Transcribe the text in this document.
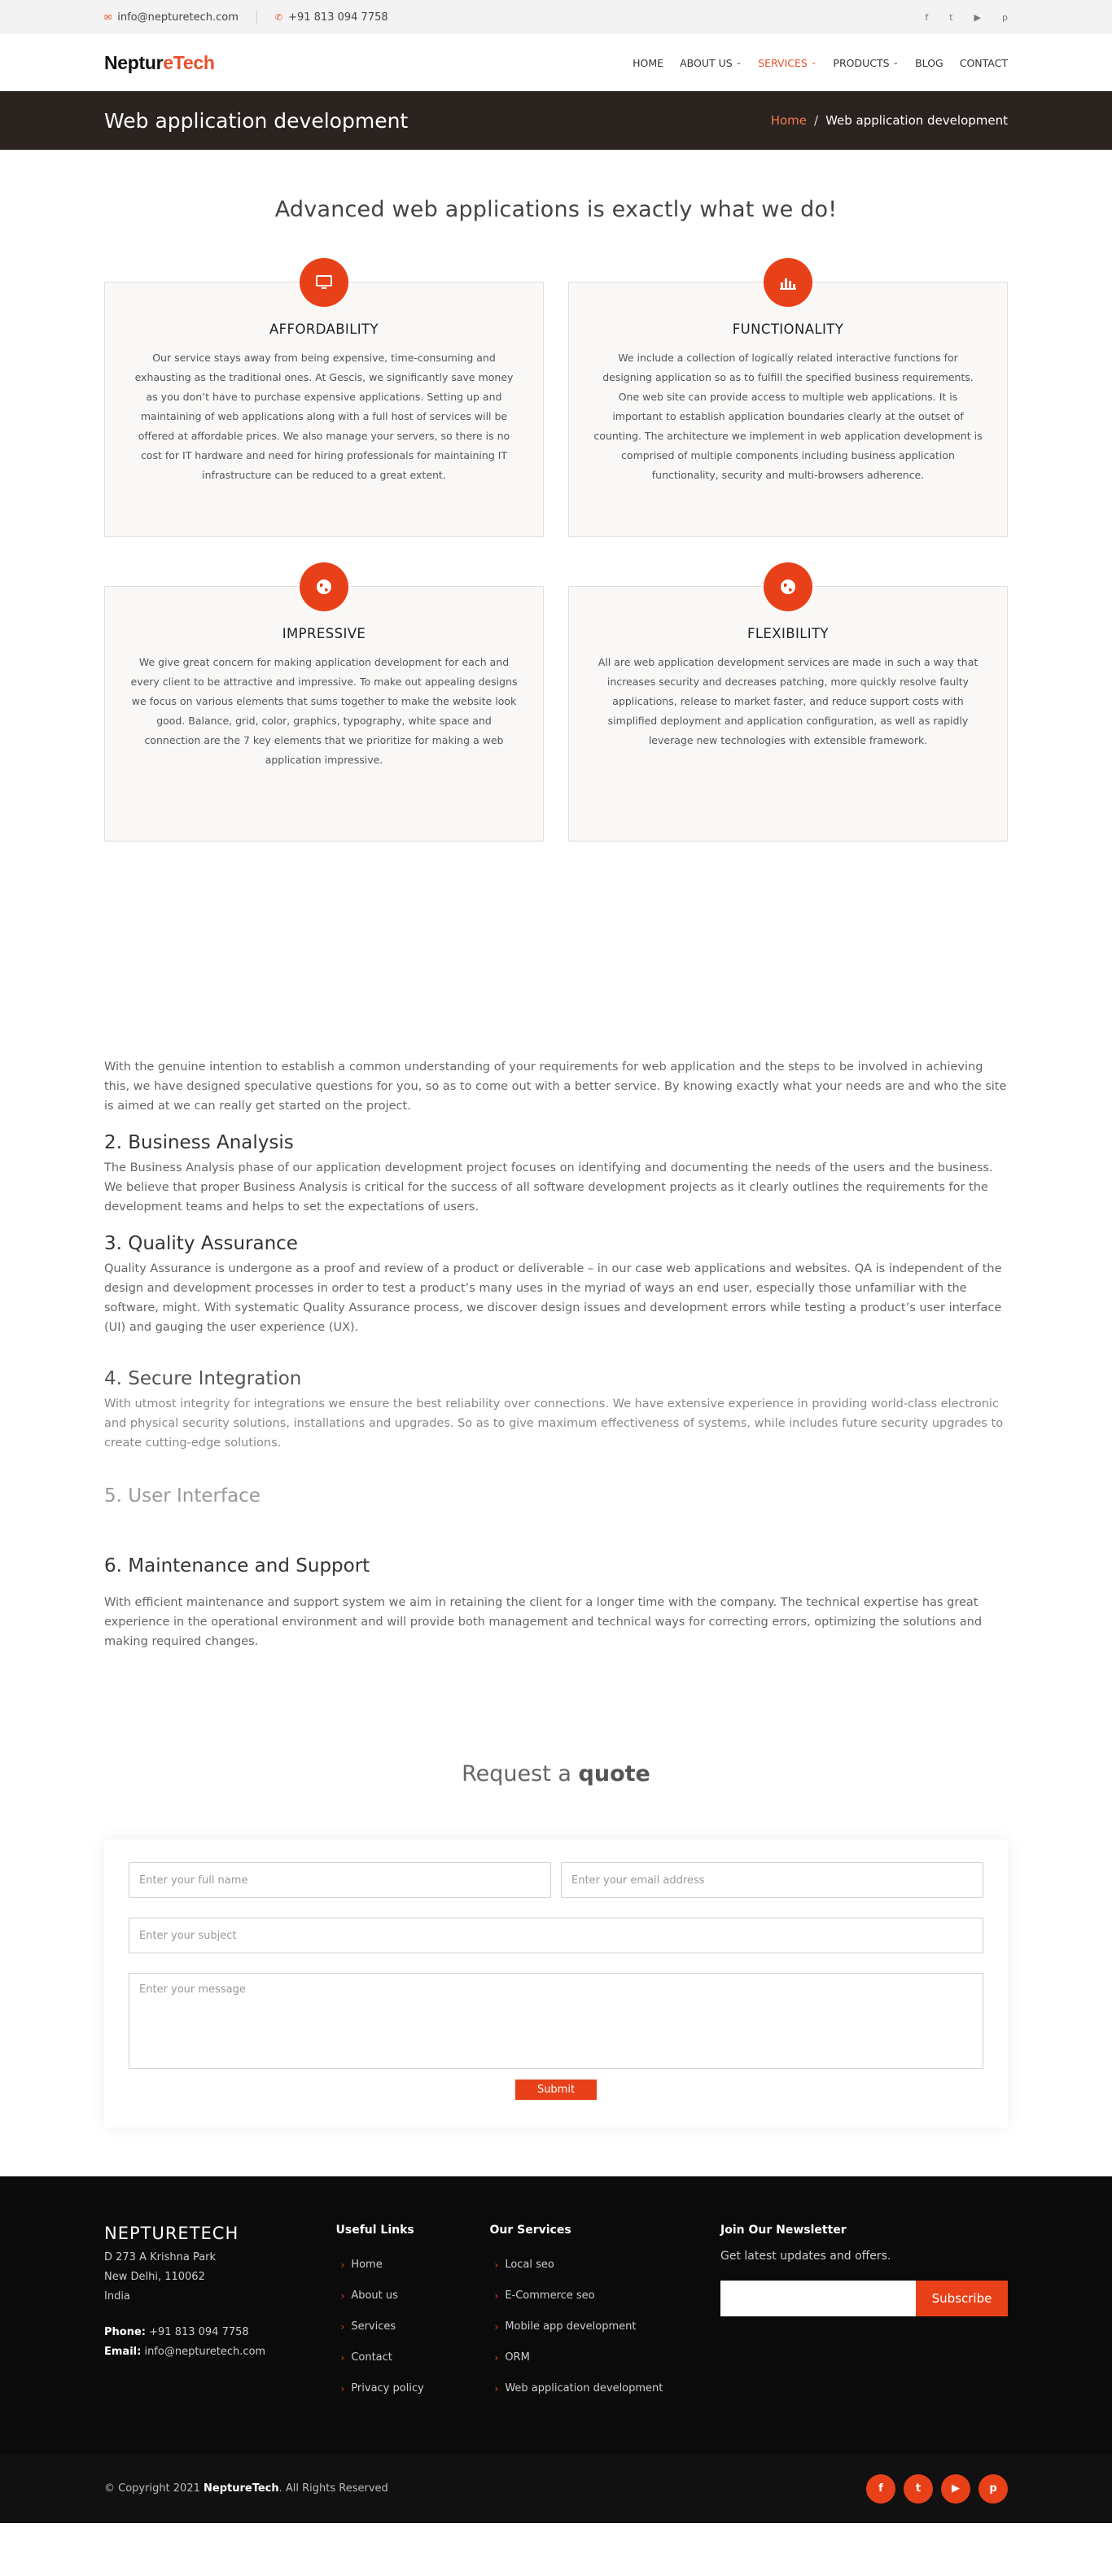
✉ info@nepturetech.com	✆ +91 813 094 7758	f t ▶ p
NeptureTech	HOME ABOUT US ⌄ SERVICES ⌄ PRODUCTS ⌄ BLOG CONTACT
Web application development	Home / Web application development
Advanced web applications is exactly what we do!
AFFORDABILITY

Our service stays away from being expensive, time-consuming and exhausting as the traditional ones. At Gescis, we significantly save money as you don’t have to purchase expensive applications. Setting up and maintaining of web applications along with a full host of services will be offered at affordable prices. We also manage your servers, so there is no cost for IT hardware and need for hiring professionals for maintaining IT infrastructure can be reduced to a great extent.

FUNCTIONALITY

We include a collection of logically related interactive functions for designing application so as to fulfill the specified business requirements. One web site can provide access to multiple web applications. It is important to establish application boundaries clearly at the outset of counting. The architecture we implement in web application development is comprised of multiple components including business application functionality, security and multi-browsers adherence.

IMPRESSIVE

We give great concern for making application development for each and every client to be attractive and impressive. To make out appealing designs we focus on various elements that sums together to make the website look good. Balance, grid, color, graphics, typography, white space and connection are the 7 key elements that we prioritize for making a web application impressive.

FLEXIBILITY

All are web application development services are made in such a way that increases security and decreases patching, more quickly resolve faulty applications, release to market faster, and reduce support costs with simplified deployment and application configuration, as well as rapidly leverage new technologies with extensible framework.

With the genuine intention to establish a common understanding of your requirements for web application and the steps to be involved in achieving this, we have designed speculative questions for you, so as to come out with a better service. By knowing exactly what your needs are and who the site is aimed at we can really get started on the project.

2. Business Analysis

The Business Analysis phase of our application development project focuses on identifying and documenting the needs of the users and the business. We believe that proper Business Analysis is critical for the success of all software development projects as it clearly outlines the requirements for the development teams and helps to set the expectations of users.

3. Quality Assurance

Quality Assurance is undergone as a proof and review of a product or deliverable – in our case web applications and websites. QA is independent of the design and development processes in order to test a product’s many uses in the myriad of ways an end user, especially those unfamiliar with the software, might. With systematic Quality Assurance process, we discover design issues and development errors while testing a product’s user interface (UI) and gauging the user experience (UX).

4. Secure Integration

With utmost integrity for integrations we ensure the best reliability over connections. We have extensive experience in providing world-class electronic and physical security solutions, installations and upgrades. So as to give maximum effectiveness of systems, while includes future security upgrades to create cutting-edge solutions.

5. User Interface
6. Maintenance and Support

With efficient maintenance and support system we aim in retaining the client for a longer time with the company. The technical expertise has great experience in the operational environment and will provide both management and technical ways for correcting errors, optimizing the solutions and making required changes.

Request a quote
Enter your full name
Enter your email address
Enter your subject
Enter your message
Submit
NEPTURETECH
D 273 A Krishna Park
New Delhi, 110062
India
Phone: +91 813 094 7758
Email: info@nepturetech.com
Useful Links
› Home
› About us
› Services
› Contact
› Privacy policy
Our Services
› Local seo
› E-Commerce seo
› Mobile app development
› ORM
› Web application development
Join Our Newsletter
Get latest updates and offers.
Subscribe
© Copyright 2021 NeptureTech. All Rights Reserved	f	t	▶	p
